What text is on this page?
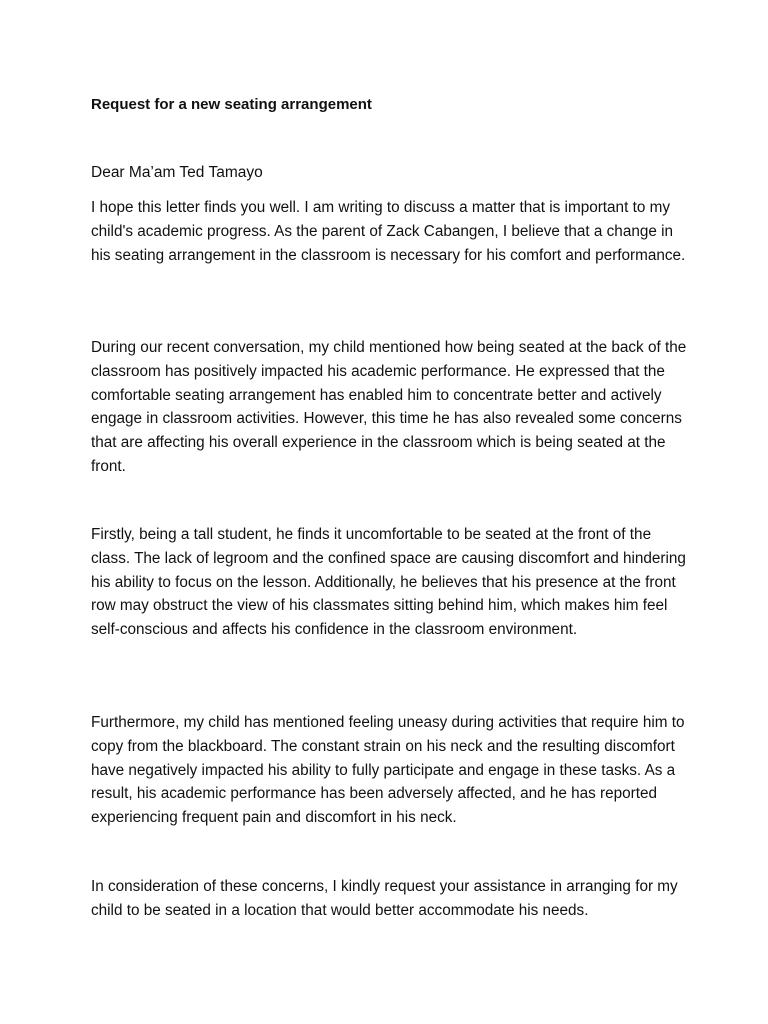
Request for a new seating arrangement

Dear Ma’am Ted Tamayo

I hope this letter finds you well. I am writing to discuss a matter that is important to my child's academic progress. As the parent of Zack Cabangen, I believe that a change in his seating arrangement in the classroom is necessary for his comfort and performance.

During our recent conversation, my child mentioned how being seated at the back of the classroom has positively impacted his academic performance. He expressed that the comfortable seating arrangement has enabled him to concentrate better and actively engage in classroom activities. However, this time he has also revealed some concerns that are affecting his overall experience in the classroom which is being seated at the front.

Firstly, being a tall student, he finds it uncomfortable to be seated at the front of the class. The lack of legroom and the confined space are causing discomfort and hindering his ability to focus on the lesson. Additionally, he believes that his presence at the front row may obstruct the view of his classmates sitting behind him, which makes him feel self-conscious and affects his confidence in the classroom environment.

Furthermore, my child has mentioned feeling uneasy during activities that require him to copy from the blackboard. The constant strain on his neck and the resulting discomfort have negatively impacted his ability to fully participate and engage in these tasks. As a result, his academic performance has been adversely affected, and he has reported experiencing frequent pain and discomfort in his neck.

In consideration of these concerns, I kindly request your assistance in arranging for my child to be seated in a location that would better accommodate his needs.
